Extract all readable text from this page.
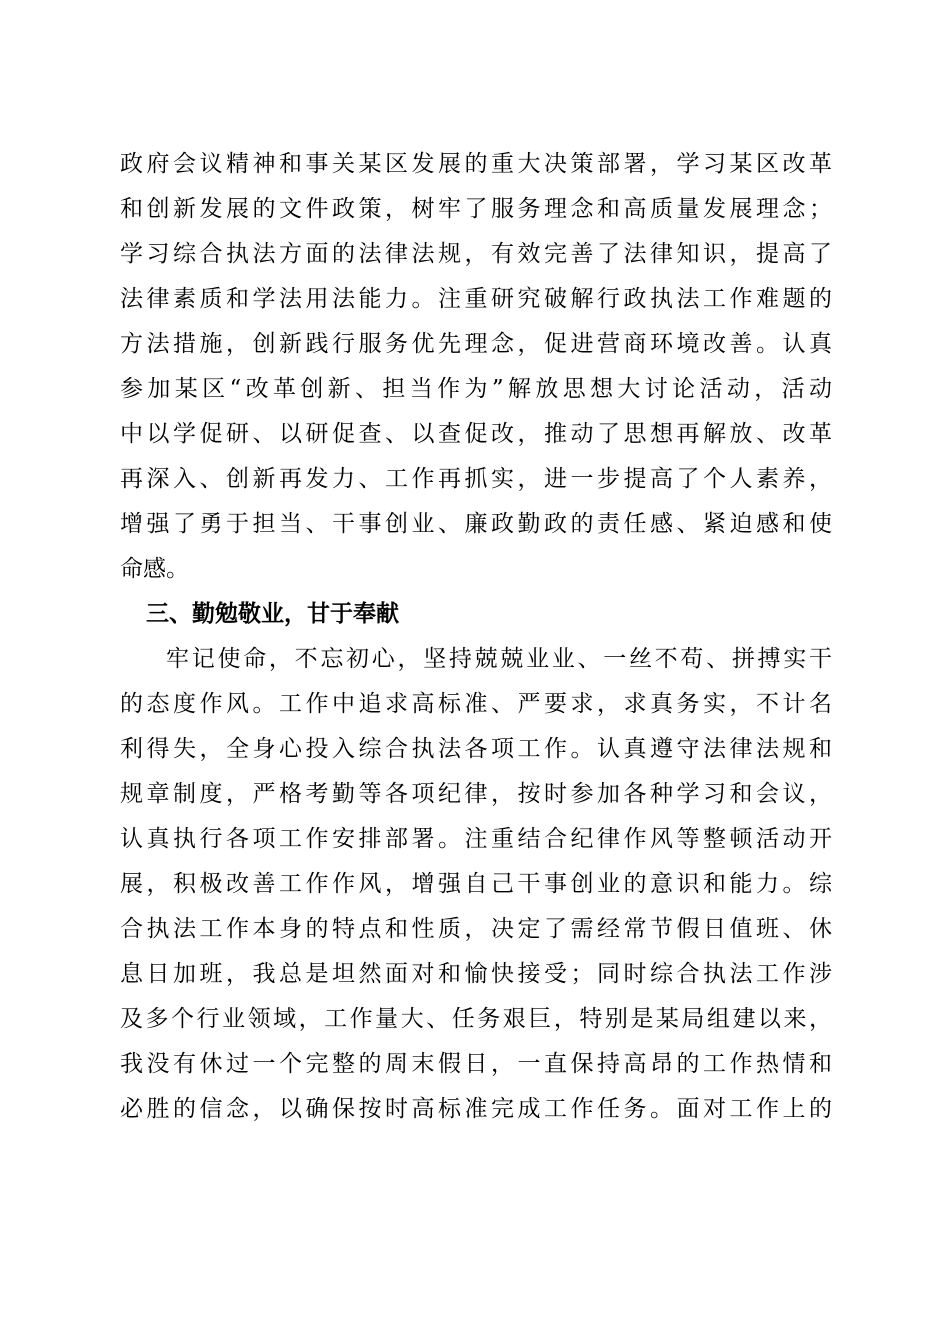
政府会议精神和事关某区发展的重大决策部署，学习某区改革
和创新发展的文件政策，树牢了服务理念和高质量发展理念；
学习综合执法方面的法律法规，有效完善了法律知识，提高了
法律素质和学法用法能力。注重研究破解行政执法工作难题的
方法措施，创新践行服务优先理念，促进营商环境改善。认真
参加某区“改革创新、担当作为”解放思想大讨论活动，活动
中以学促研、以研促查、以查促改，推动了思想再解放、改革
再深入、创新再发力、工作再抓实，进一步提高了个人素养，
增强了勇于担当、干事创业、廉政勤政的责任感、紧迫感和使
命感。
三、勤勉敬业，甘于奉献
牢记使命，不忘初心，坚持兢兢业业、一丝不苟、拼搏实干
的态度作风。工作中追求高标准、严要求，求真务实，不计名
利得失，全身心投入综合执法各项工作。认真遵守法律法规和
规章制度，严格考勤等各项纪律，按时参加各种学习和会议，
认真执行各项工作安排部署。注重结合纪律作风等整顿活动开
展，积极改善工作作风，增强自己干事创业的意识和能力。综
合执法工作本身的特点和性质，决定了需经常节假日值班、休
息日加班，我总是坦然面对和愉快接受；同时综合执法工作涉
及多个行业领域，工作量大、任务艰巨，特别是某局组建以来，
我没有休过一个完整的周末假日，一直保持高昂的工作热情和
必胜的信念，以确保按时高标准完成工作任务。面对工作上的
